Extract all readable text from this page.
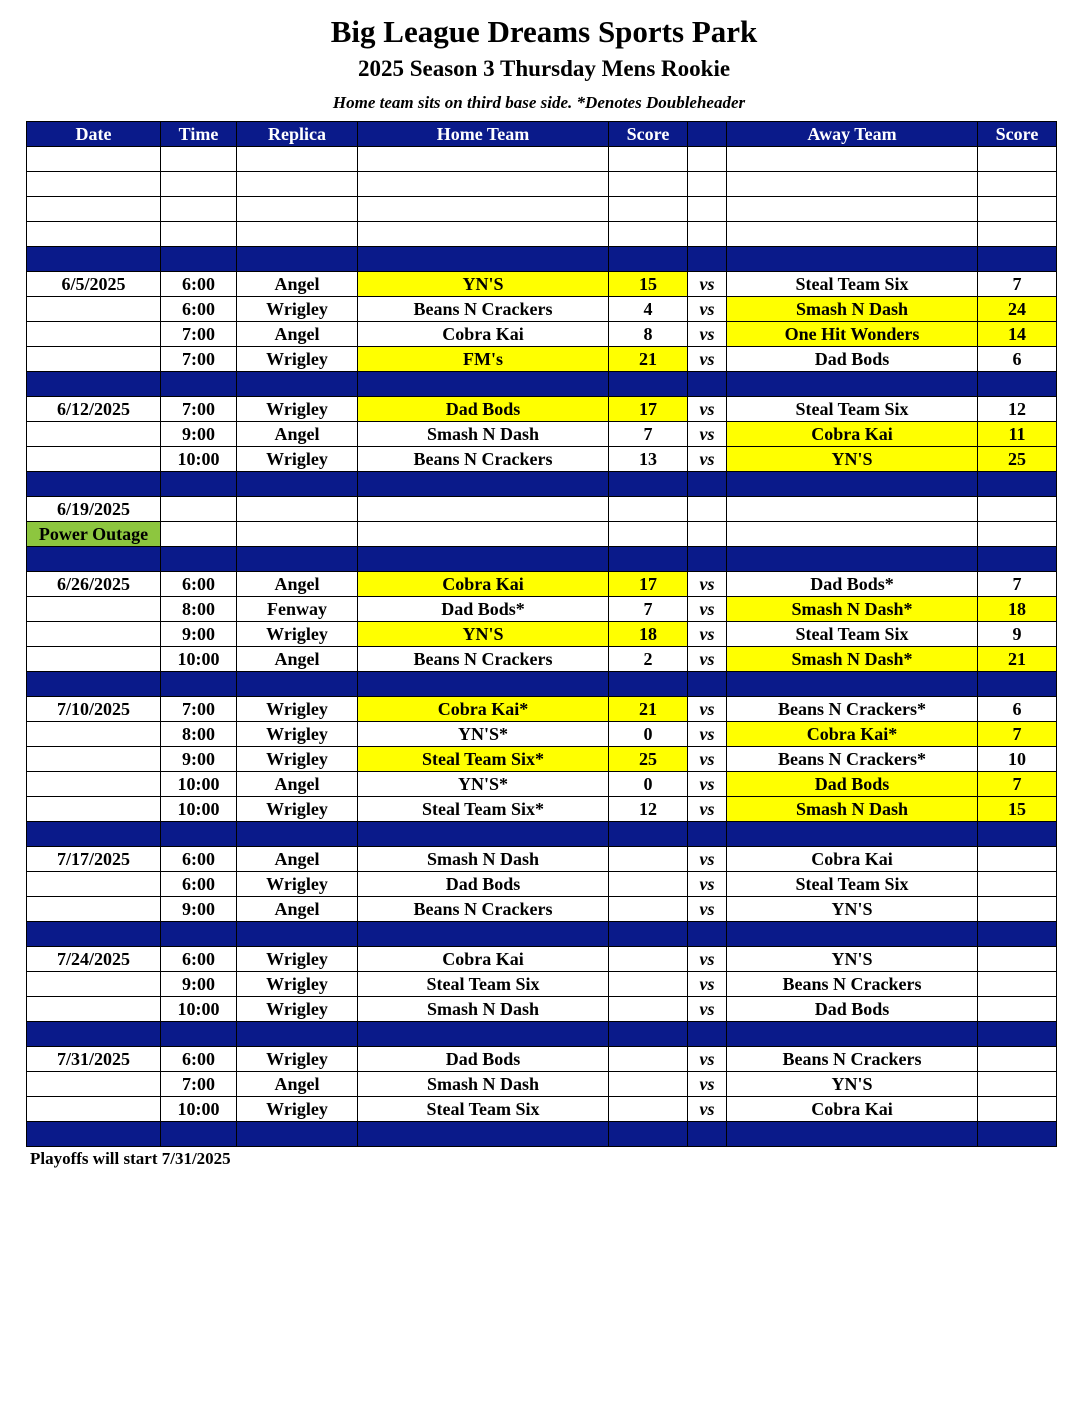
Big League Dreams Sports Park
2025 Season 3 Thursday Mens Rookie
Home team sits on third base side. *Denotes Doubleheader
Date	Time	Replica	Home Team	Score		Away Team	Score

6/5/2025	6:00	Angel	YN'S	15	vs	Steal Team Six	7
	6:00	Wrigley	Beans N Crackers	4	vs	Smash N Dash	24
	7:00	Angel	Cobra Kai	8	vs	One Hit Wonders	14
	7:00	Wrigley	FM's	21	vs	Dad Bods	6

6/12/2025	7:00	Wrigley	Dad Bods	17	vs	Steal Team Six	12
	9:00	Angel	Smash N Dash	7	vs	Cobra Kai	11
	10:00	Wrigley	Beans N Crackers	13	vs	YN'S	25

6/19/2025							
Power Outage							

6/26/2025	6:00	Angel	Cobra Kai	17	vs	Dad Bods*	7
	8:00	Fenway	Dad Bods*	7	vs	Smash N Dash*	18
	9:00	Wrigley	YN'S	18	vs	Steal Team Six	9
	10:00	Angel	Beans N Crackers	2	vs	Smash N Dash*	21

7/10/2025	7:00	Wrigley	Cobra Kai*	21	vs	Beans N Crackers*	6
	8:00	Wrigley	YN'S*	0	vs	Cobra Kai*	7
	9:00	Wrigley	Steal Team Six*	25	vs	Beans N Crackers*	10
	10:00	Angel	YN'S*	0	vs	Dad Bods	7
	10:00	Wrigley	Steal Team Six*	12	vs	Smash N Dash	15

7/17/2025	6:00	Angel	Smash N Dash		vs	Cobra Kai	
	6:00	Wrigley	Dad Bods		vs	Steal Team Six	
	9:00	Angel	Beans N Crackers		vs	YN'S	

7/24/2025	6:00	Wrigley	Cobra Kai		vs	YN'S	
	9:00	Wrigley	Steal Team Six		vs	Beans N Crackers	
	10:00	Wrigley	Smash N Dash		vs	Dad Bods	

7/31/2025	6:00	Wrigley	Dad Bods		vs	Beans N Crackers	
	7:00	Angel	Smash N Dash		vs	YN'S	
	10:00	Wrigley	Steal Team Six		vs	Cobra Kai	

Playoffs will start 7/31/2025
